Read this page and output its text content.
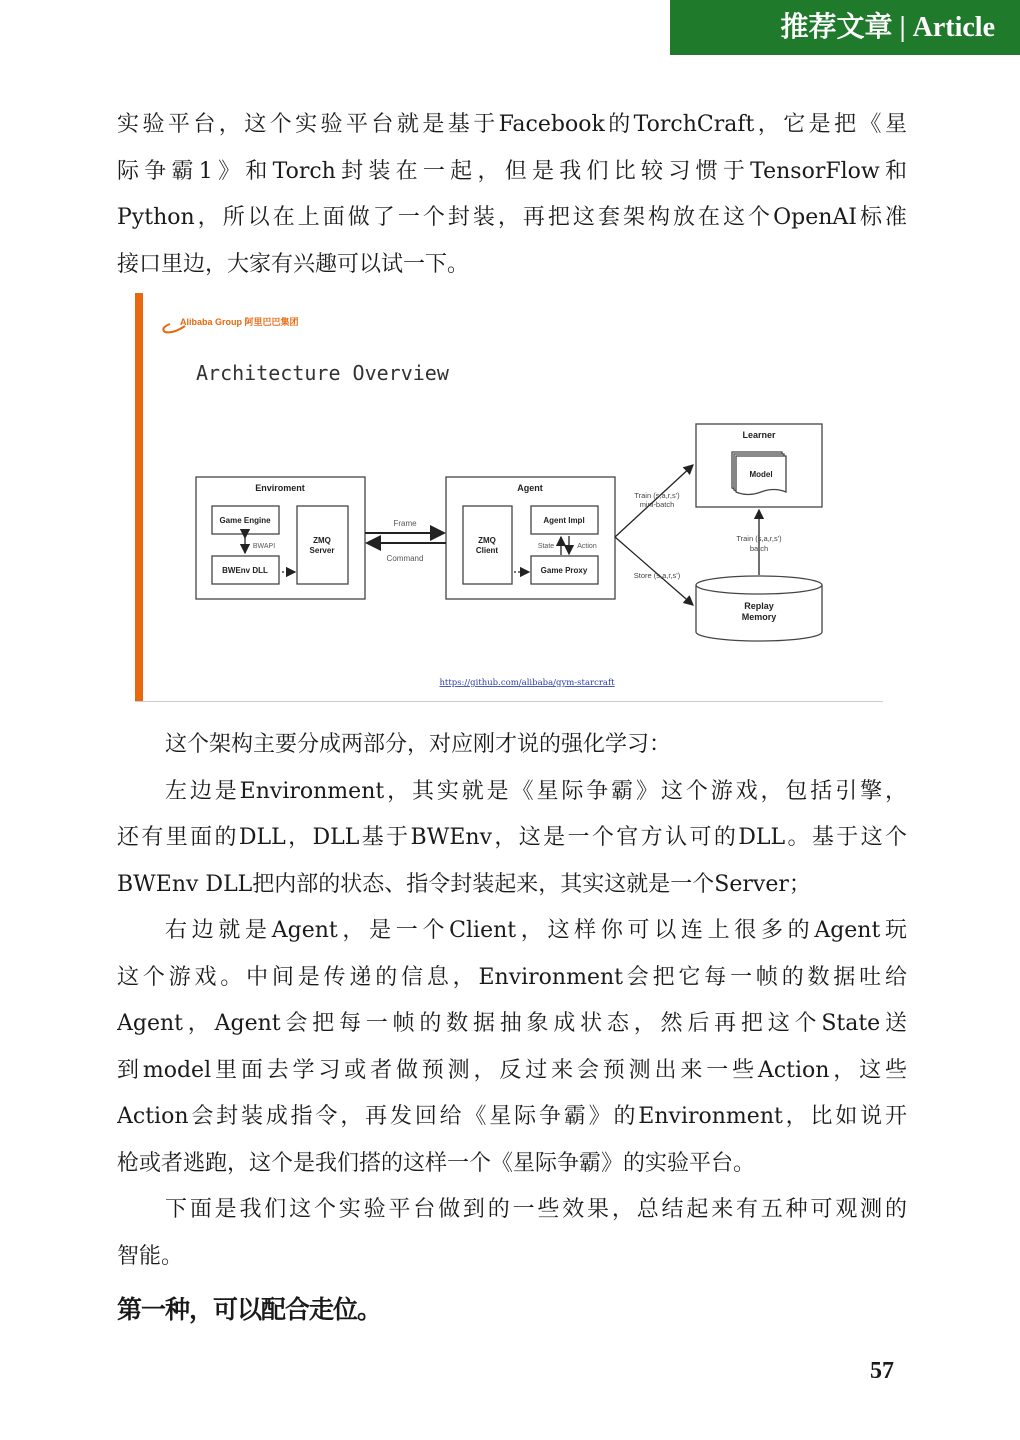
推荐文章 | Article
实验平台，这个实验平台就是基于Facebook的TorchCraft，它是把《星
际争霸1》和Torch封装在一起，但是我们比较习惯于TensorFlow和
Python，所以在上面做了一个封装，再把这套架构放在这个OpenAI标准
接口里边，大家有兴趣可以试一下。
Alibaba Group 阿里巴巴集团
Architecture Overview
Enviroment
Game Engine
BWAPI
BWEnv DLL
ZMQ
Server
Frame
Command
Agent
ZMQ
Client
Agent Impl
State	Action
Game Proxy
Train (s,a,r,s')
mini-batch
Store (s,a,r,s')
Learner
Model
Train (s,a,r,s')
batch
Replay
Memory
https://github.com/alibaba/gym-starcraft
这个架构主要分成两部分，对应刚才说的强化学习：
左边是Environment，其实就是《星际争霸》这个游戏，包括引擎，
还有里面的DLL，DLL基于BWEnv，这是一个官方认可的DLL。基于这个
BWEnv DLL把内部的状态、指令封装起来，其实这就是一个Server；
右边就是Agent，是一个Client，这样你可以连上很多的Agent玩
这个游戏。中间是传递的信息，Environment会把它每一帧的数据吐给
Agent，Agent会把每一帧的数据抽象成状态，然后再把这个State送
到model里面去学习或者做预测，反过来会预测出来一些Action，这些
Action会封装成指令，再发回给《星际争霸》的Environment，比如说开
枪或者逃跑，这个是我们搭的这样一个《星际争霸》的实验平台。
下面是我们这个实验平台做到的一些效果，总结起来有五种可观测的
智能。
第一种，可以配合走位。
57
